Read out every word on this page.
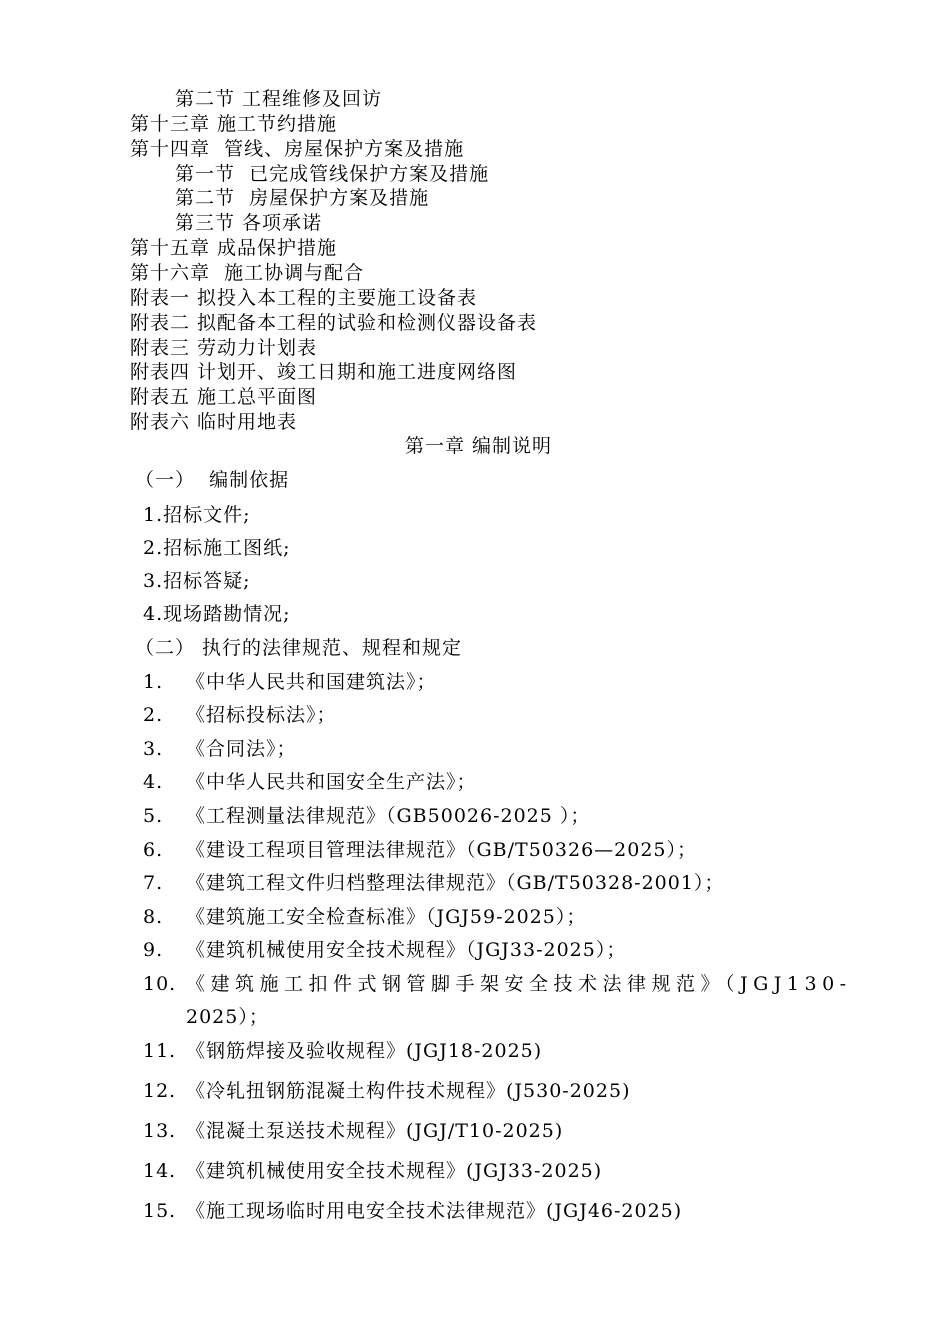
第二节 工程维修及回访
第十三章 施工节约措施
第十四章  管线、房屋保护方案及措施
第一节  已完成管线保护方案及措施
第二节  房屋保护方案及措施
第三节 各项承诺
第十五章 成品保护措施
第十六章  施工协调与配合
附表一 拟投入本工程的主要施工设备表
附表二 拟配备本工程的试验和检测仪器设备表
附表三 劳动力计划表
附表四 计划开、竣工日期和施工进度网络图
附表五 施工总平面图
附表六 临时用地表
第一章 编制说明
（一）  编制依据
1.招标文件;
2.招标施工图纸;
3.招标答疑;
4.现场踏勘情况;
（二） 执行的法律规范、规程和规定
1. 《中华人民共和国建筑法》；
2. 《招标投标法》；
3. 《合同法》；
4. 《中华人民共和国安全生产法》；
5. 《工程测量法律规范》（GB50026-2025 ）；
6. 《建设工程项目管理法律规范》（GB/T50326—2025）；
7. 《建筑工程文件归档整理法律规范》（GB/T50328-2001）；
8. 《建筑施工安全检查标准》（JGJ59-2025）；
9. 《建筑机械使用安全技术规程》（JGJ33-2025）；
10. 《建筑施工扣件式钢管脚手架安全技术法律规范》（JGJ130-
2025）；
11. 《钢筋焊接及验收规程》(JGJ18-2025)
12. 《冷轧扭钢筋混凝土构件技术规程》(J530-2025)
13. 《混凝土泵送技术规程》(JGJ/T10-2025)
14. 《建筑机械使用安全技术规程》(JGJ33-2025)
15. 《施工现场临时用电安全技术法律规范》(JGJ46-2025)
